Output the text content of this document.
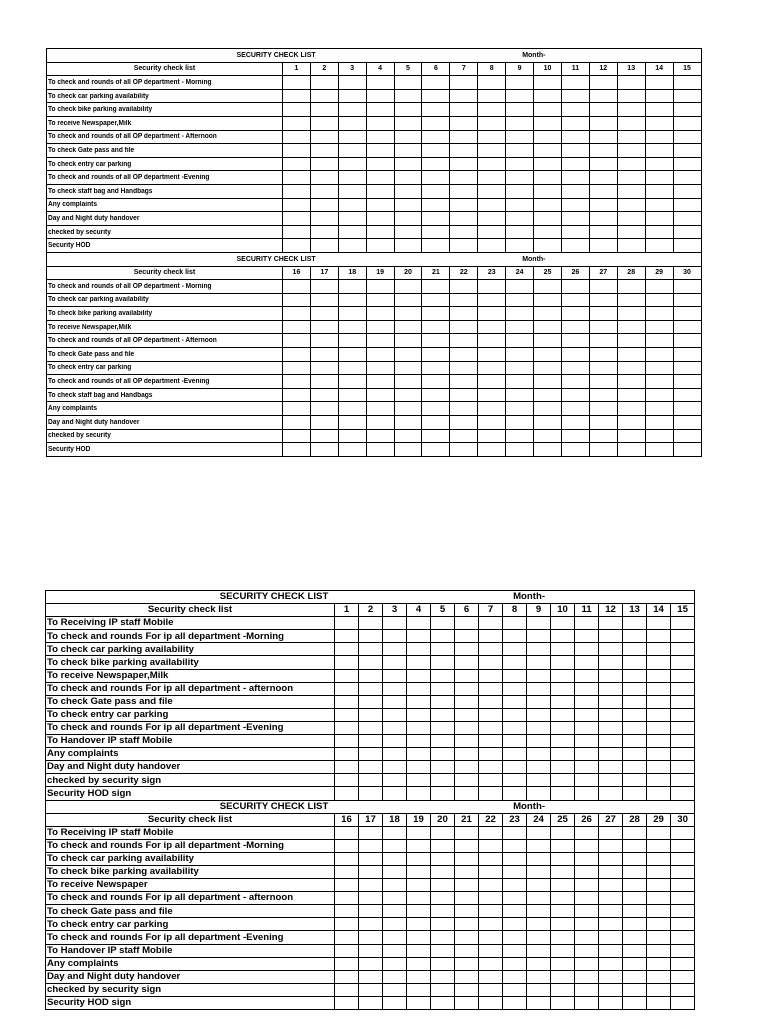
SECURITY CHECK LIST									Month-						
Security check list	1	2	3	4	5	6	7	8	9	10	11	12	13	14	15
To check and rounds of all OP department - Morning															
To check car parking availability															
To check bike parking availability															
To receive Newspaper,Milk															
To check and rounds of all OP department - Afternoon															
To check Gate pass and file															
To check entry car parking															
To check and rounds of all OP department -Evening															
To check staff bag and Handbags															
Any complaints															
Day and Night duty handover															
checked by security															
Security HOD															
SECURITY CHECK LIST									Month-						
Security check list	16	17	18	19	20	21	22	23	24	25	26	27	28	29	30
To check and rounds of all OP department - Morning															
To check car parking availability															
To check bike parking availability															
To receive Newspaper,Milk															
To check and rounds of all OP department - Afternoon															
To check Gate pass and file															
To check entry car parking															
To check and rounds of all OP department -Evening															
To check staff bag and Handbags															
Any complaints															
Day and Night duty handover															
checked by security															
Security HOD															
SECURITY CHECK LIST								Month-							
Security check list	1	2	3	4	5	6	7	8	9	10	11	12	13	14	15
To Receiving IP staff Mobile															
To check and rounds For ip all department -Morning															
To check car parking availability															
To check bike parking availability															
To receive Newspaper,Milk															
To check and rounds For ip all department - afternoon															
To check Gate pass and file															
To check entry car parking															
To check and rounds For ip all department -Evening															
To Handover IP staff Mobile															
Any complaints															
Day and Night duty handover															
checked by security sign															
Security HOD sign															
SECURITY CHECK LIST								Month-							
Security check list	16	17	18	19	20	21	22	23	24	25	26	27	28	29	30
To Receiving IP staff Mobile															
To check and rounds For ip all department -Morning															
To check car parking availability															
To check bike parking availability															
To receive Newspaper															
To check and rounds For ip all department - afternoon															
To check Gate pass and file															
To check entry car parking															
To check and rounds For ip all department -Evening															
To Handover IP staff Mobile															
Any complaints															
Day and Night duty handover															
checked by security sign															
Security HOD sign															
